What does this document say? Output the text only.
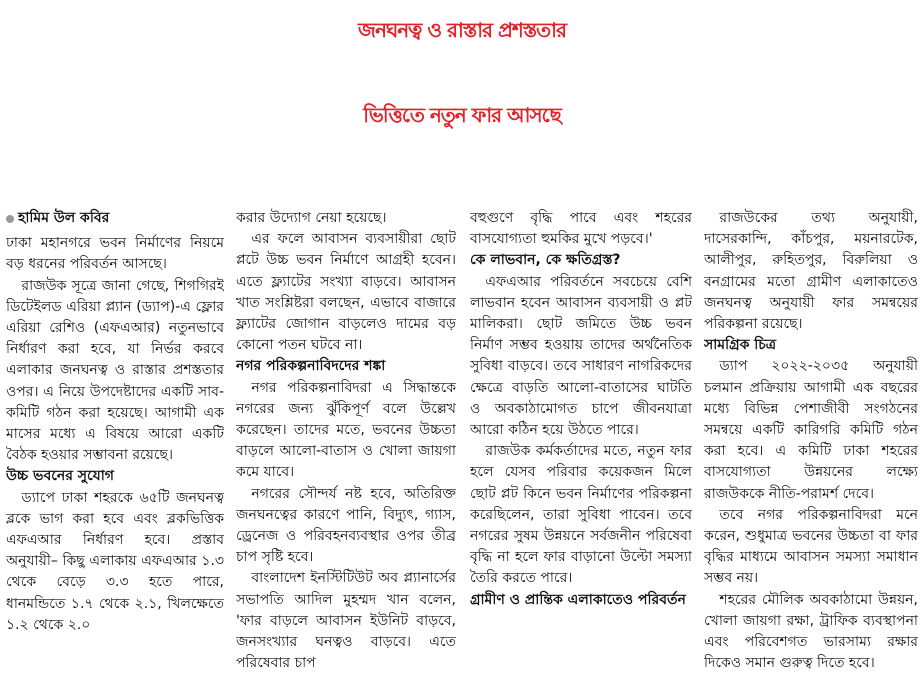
জনঘনত্ব ও রাস্তার প্রশস্ততার
ভিত্তিতে নতুন ফার আসছে
হামিম উল কবির

ঢাকা মহানগরে ভবন নির্মাণের নিয়মে বড় ধরনের পরিবর্তন আসছে।

রাজউক সূত্রে জানা গেছে, শিগগিরই ডিটেইলড এরিয়া প্ল্যান (ড্যাপ)-এ ফ্লোর এরিয়া রেশিও (এফএআর) নতুনভাবে নির্ধারণ করা হবে, যা নির্ভর করবে এলাকার জনঘনত্ব ও রাস্তার প্রশস্ততার ওপর। এ নিয়ে উপদেষ্টাদের একটি সাব-কমিটি গঠন করা হয়েছে। আগামী এক মাসের মধ্যে এ বিষয়ে আরো একটি বৈঠক হওয়ার সম্ভাবনা রয়েছে।

উচ্চ ভবনের সুযোগ

ড্যাপে ঢাকা শহরকে ৬৫টি জনঘনত্ব ব্লকে ভাগ করা হবে এবং ব্লকভিত্তিক এফএআর নির্ধারণ হবে। প্রস্তাব অনুযায়ী– কিছু এলাকায় এফএআর ১.৩ থেকে বেড়ে ৩.৩ হতে পারে, ধানমন্ডিতে ১.৭ থেকে ২.১, খিলক্ষেতে ১.২ থেকে ২.০

করার উদ্যোগ নেয়া হয়েছে।

এর ফলে আবাসন ব্যবসায়ীরা ছোট প্লটে উচ্চ ভবন নির্মাণে আগ্রহী হবেন। এতে ফ্ল্যাটের সংখ্যা বাড়বে। আবাসন খাত সংশ্লিষ্টরা বলছেন, এভাবে বাজারে ফ্ল্যাটের জোগান বাড়লেও দামের বড় কোনো পতন ঘটবে না।

নগর পরিকল্পনাবিদদের শঙ্কা

নগর পরিকল্পনাবিদরা এ সিদ্ধান্তকে নগরের জন্য ঝুঁকিপূর্ণ বলে উল্লেখ করেছেন। তাদের মতে, ভবনের উচ্চতা বাড়লে আলো-বাতাস ও খোলা জায়গা কমে যাবে।

নগরের সৌন্দর্য নষ্ট হবে, অতিরিক্ত জনঘনত্বের কারণে পানি, বিদ্যুৎ, গ্যাস, ড্রেনেজ ও পরিবহনব্যবস্থার ওপর তীব্র চাপ সৃষ্টি হবে।

বাংলাদেশ ইনস্টিটিউট অব প্ল্যানার্সের সভাপতি আদিল মুহম্মদ খান বলেন, 'ফার বাড়লে আবাসন ইউনিট বাড়বে, জনসংখ্যার ঘনত্বও বাড়বে। এতে পরিষেবার চাপ

বহুগুণে বৃদ্ধি পাবে এবং শহরের বাসযোগ্যতা হুমকির মুখে পড়বে।'

কে লাভবান, কে ক্ষতিগ্রস্ত?

এফএআর পরিবর্তনে সবচেয়ে বেশি লাভবান হবেন আবাসন ব্যবসায়ী ও প্লট মালিকরা। ছোট জমিতে উচ্চ ভবন নির্মাণ সম্ভব হওয়ায় তাদের অর্থনৈতিক সুবিধা বাড়বে। তবে সাধারণ নাগরিকদের ক্ষেত্রে বাড়তি আলো-বাতাসের ঘাটতি ও অবকাঠামোগত চাপে জীবনযাত্রা আরো কঠিন হয়ে উঠতে পারে।

রাজউক কর্মকর্তাদের মতে, নতুন ফার হলে যেসব পরিবার কয়েকজন মিলে ছোট প্লট কিনে ভবন নির্মাণের পরিকল্পনা করেছিলেন, তারা সুবিধা পাবেন। তবে নগরের সুষম উন্নয়নে সর্বজনীন পরিষেবা বৃদ্ধি না হলে ফার বাড়ানো উল্টো সমস্যা তৈরি করতে পারে।

গ্রামীণ ও প্রান্তিক এলাকাতেও পরিবর্তন

রাজউকের তথ্য অনুযায়ী, দাসেরকান্দি, কাঁচপুর, ময়নারটেক, আলীপুর, রুহিতপুর, বিরুলিয়া ও বনগ্রামের মতো গ্রামীণ এলাকাতেও জনঘনত্ব অনুযায়ী ফার সমন্বয়ের পরিকল্পনা রয়েছে।

সামগ্রিক চিত্র

ড্যাপ ২০২২-২০৩৫ অনুযায়ী চলমান প্রক্রিয়ায় আগামী এক বছরের মধ্যে বিভিন্ন পেশাজীবী সংগঠনের সমন্বয়ে একটি কারিগরি কমিটি গঠন করা হবে। এ কমিটি ঢাকা শহরের বাসযোগ্যতা উন্নয়নের লক্ষ্যে রাজউককে নীতি-পরামর্শ দেবে।

তবে নগর পরিকল্পনাবিদরা মনে করেন, শুধুমাত্র ভবনের উচ্চতা বা ফার বৃদ্ধির মাধ্যমে আবাসন সমস্যা সমাধান সম্ভব নয়।

শহরের মৌলিক অবকাঠামো উন্নয়ন, খোলা জায়গা রক্ষা, ট্রাফিক ব্যবস্থাপনা এবং পরিবেশগত ভারসাম্য রক্ষার দিকেও সমান গুরুত্ব দিতে হবে।
